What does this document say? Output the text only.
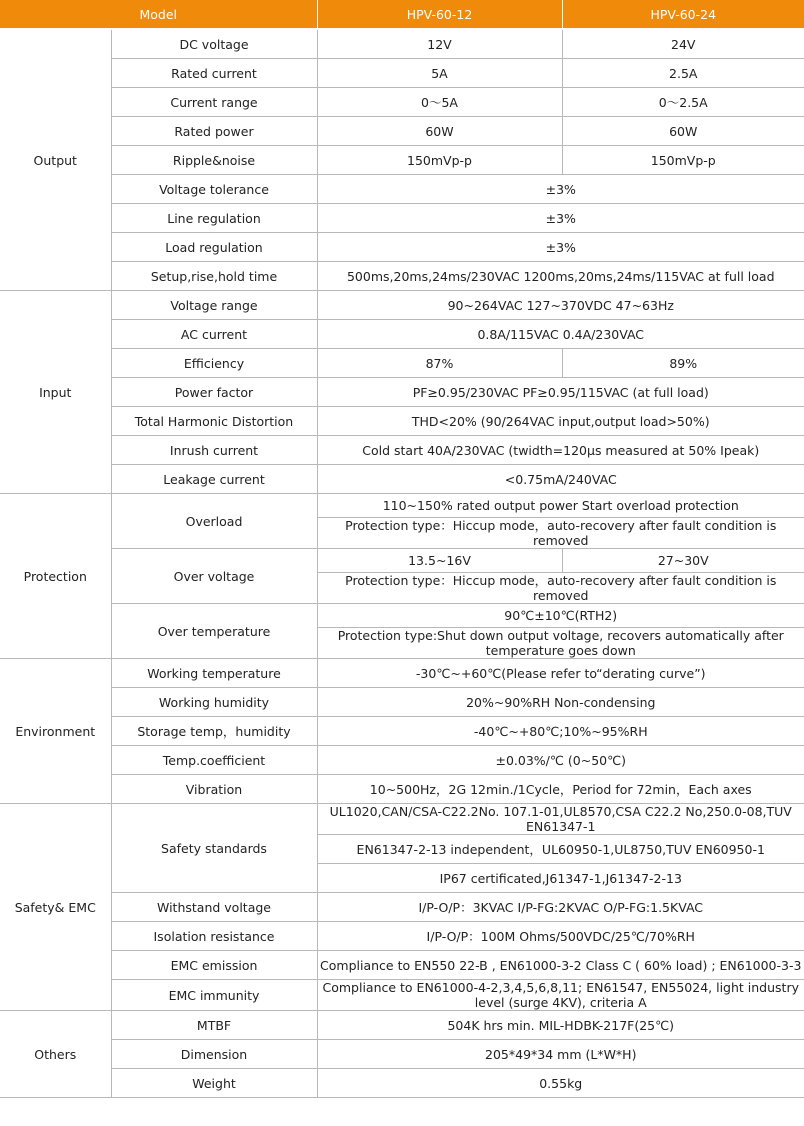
Model		HPV-60-12	HPV-60-24
Output	DC voltage	12V	24V
	Rated current	5A	2.5A
	Current range	0～5A	0～2.5A
	Rated power	60W	60W
	Ripple&noise	150mVp-p	150mVp-p
	Voltage tolerance	±3%	
	Line regulation	±3%	
	Load regulation	±3%	
	Setup,rise,hold time	500ms,20ms,24ms/230VAC 1200ms,20ms,24ms/115VAC at full load	
Input	Voltage range	90~264VAC 127~370VDC 47~63Hz	
	AC current	0.8A/115VAC 0.4A/230VAC	
	Efficiency	87%	89%
	Power factor	PF≥0.95/230VAC PF≥0.95/115VAC (at full load)	
	Total Harmonic Distortion	THD<20% (90/264VAC input,output load>50%)	
	Inrush current	Cold start 40A/230VAC (twidth=120μs measured at 50% Ipeak)	
	Leakage current	<0.75mA/240VAC	
Protection	Overload	110~150% rated output power Start overload protection	

		Protection type：Hiccup mode，auto-recovery after fault condition is removed	

	Over voltage	13.5~16V	27~30V

		Protection type：Hiccup mode，auto-recovery after fault condition is removed	

	Over temperature	90℃±10℃(RTH2)	

		Protection type:Shut down output voltage, recovers automatically after temperature goes down	

Environment	Working temperature	-30℃~+60℃(Please refer to“derating curve”)	
	Working humidity	20%~90%RH Non-condensing	
	Storage temp，humidity	-40℃~+80℃;10%~95%RH	
	Temp.coefficient	±0.03%/℃ (0~50℃)	
	Vibration	10~500Hz，2G 12min./1Cycle，Period for 72min，Each axes	
Safety& EMC	Safety standards	UL1020,CAN/CSA-C22.2No. 107.1-01,UL8570,CSA C22.2 No,250.0-08,TUV EN61347-1	

		EN61347-2-13 independent，UL60950-1,UL8750,TUV EN60950-1	
		IP67 certificated,J61347-1,J61347-2-13	
	Withstand voltage	I/P-O/P：3KVAC I/P-FG:2KVAC O/P-FG:1.5KVAC	
	Isolation resistance	I/P-O/P：100M Ohms/500VDC/25℃/70%RH	
	EMC emission	Compliance to EN550 22-B , EN61000-3-2 Class C ( 60% load) ; EN61000-3-3	

	EMC immunity	Compliance to EN61000-4-2,3,4,5,6,8,11; EN61547, EN55024, light industry level (surge 4KV), criteria A	

Others	MTBF	504K hrs min. MIL-HDBK-217F(25℃)	
	Dimension	205*49*34 mm (L*W*H)	
	Weight	0.55kg	
